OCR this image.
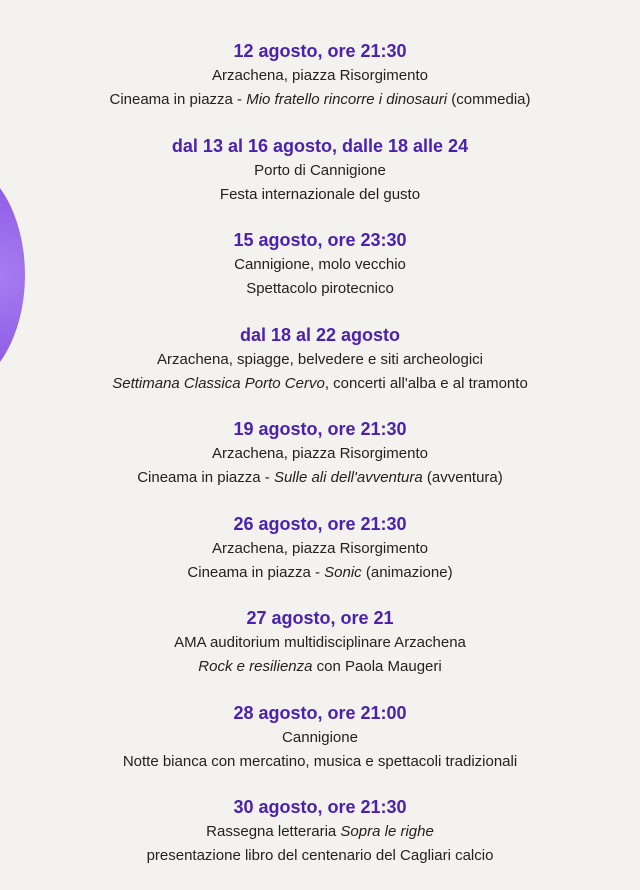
12 agosto, ore 21:30
Arzachena, piazza Risorgimento
Cineama in piazza - Mio fratello rincorre i dinosauri (commedia)
dal 13 al 16 agosto, dalle 18 alle 24
Porto di Cannigione
Festa internazionale del gusto
15 agosto, ore 23:30
Cannigione, molo vecchio
Spettacolo pirotecnico
dal 18 al 22 agosto
Arzachena, spiagge, belvedere e siti archeologici
Settimana Classica Porto Cervo, concerti all'alba e al tramonto
19 agosto, ore 21:30
Arzachena, piazza Risorgimento
Cineama in piazza - Sulle ali dell'avventura (avventura)
26 agosto, ore 21:30
Arzachena, piazza Risorgimento
Cineama in piazza - Sonic (animazione)
27 agosto, ore 21
AMA auditorium multidisciplinare Arzachena
Rock e resilienza con Paola Maugeri
28 agosto, ore 21:00
Cannigione
Notte bianca con mercatino, musica e spettacoli tradizionali
30 agosto, ore 21:30
Rassegna letteraria Sopra le righe
presentazione libro del centenario del Cagliari calcio
